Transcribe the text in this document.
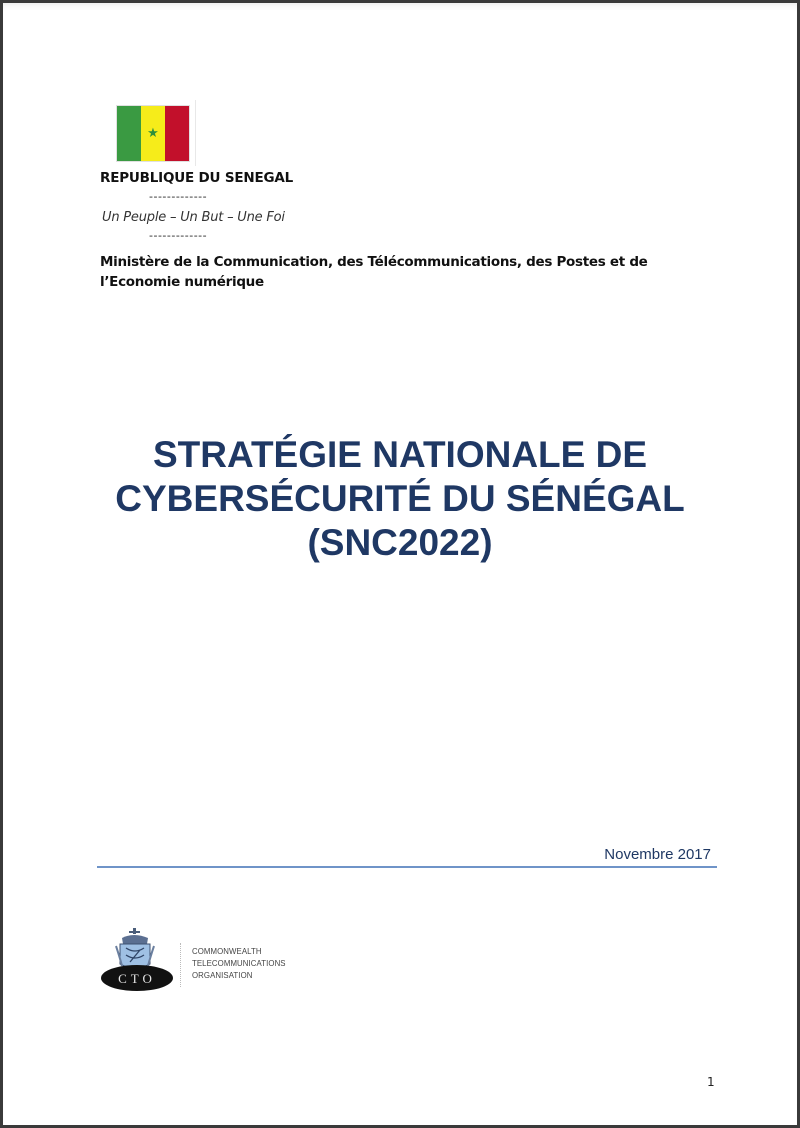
★
REPUBLIQUE DU SENEGAL
-------------
Un Peuple – Un But – Une Foi
-------------
Ministère de la Communication, des Télécommunications, des Postes et de
l’Economie numérique
STRATÉGIE NATIONALE DE
CYBERSÉCURITÉ DU SÉNÉGAL
(SNC2022)
Novembre 2017
CTO
COMMONWEALTH
TELECOMMUNICATIONS
ORGANISATION
1
